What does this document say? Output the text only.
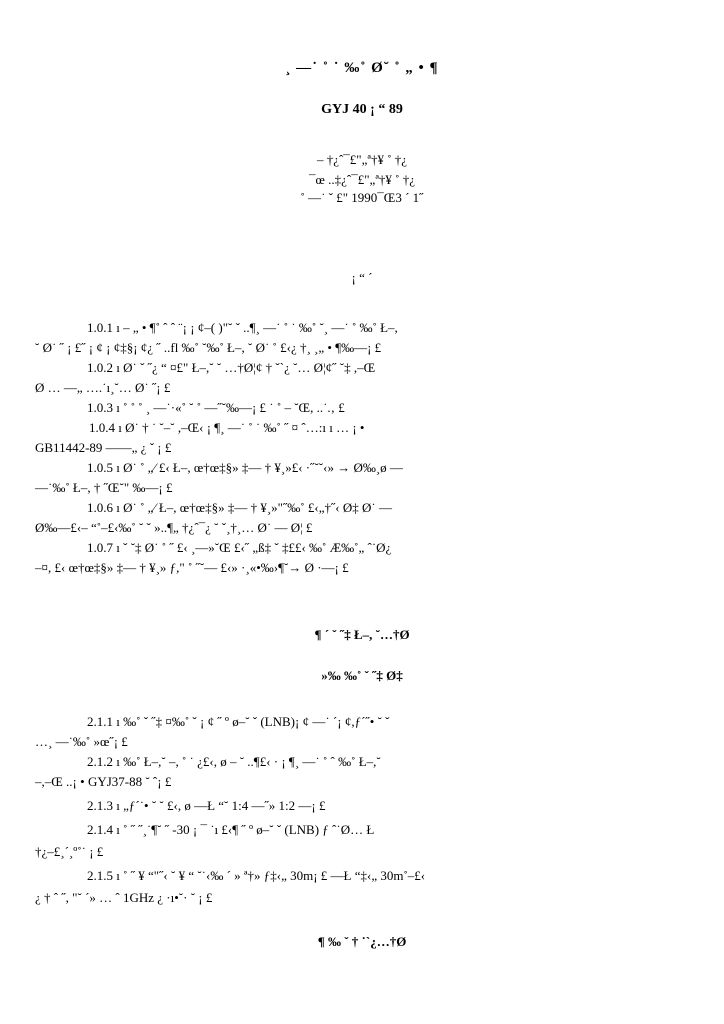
¸ —˙ ˚ ˙ ‰˚ Ø˘ ˚ „ • ¶
GYJ 40 ¡ “ 89
– †¿ˆ¯£"„ª†¥ ˚ †¿
¯œ ..‡¿ˆ¯£"„ª†¥ ˚ †¿
˚ —˙ ˇ £" 1990¯Œ3 ´ 1˝
¡ “ ´
1.0.1 ı – „ • ¶˚ ˆ ˆ ¨¡ ¡ ¢–( )"˘ ˇ ..¶¸ —˙ ˚ ˙ ‰˚ ˘¸ —˙ ˚ ‰˚ Ł–,
˘ Ø˙ ˝ ¡ £˝ ¡ ¢ ¡ ¢‡§¡ ¢¿ ˝ ..fl ‰˚ ˘‰˚ Ł–, ˘ Ø˙ ˚ £‹¿ †¸ ¸„ • ¶‰—¡ £
1.0.2 ı Ø˙ ˇ ˝¿ “ ¤£" Ł–,˘ ˘ …†Ø¦¢ † ˇ`¿ ˘… Ø¦¢˝ ˘‡ ,–Œ
Ø … —„ ….˙ı¸˘… Ø˙ ˝¡ £
1.0.3 ı ˚ ˚ ˚ ¸ —˙·«˚ ˘ ˚ —˝˘‰—¡ £ ˙ ˚ – ˘Œ, ..˙.‚ £
1.0.4 ı Ø˙ † ˙ ˘–˘ ,–Œ‹ ¡ ¶¸ —˙ ˚ ˙ ‰˚ ˝ ¤ ˆ…:ı ı … ¡ •
GB11442-89 ——„ ¿ ˇ ¡ £
1.0.5 ı Ø˙ ˚ „⁄ £‹ Ł–, œ†œ‡§» ‡— † ¥¸»£‹ ·˝˘˘‹» → Ø‰¸ø —
—˙‰˚ Ł–, † ˝Œ˘" ‰—¡ £
1.0.6 ı Ø˙ ˚ „⁄ Ł–, œ†œ‡§» ‡— † ¥¸»"˝‰˚ £‹„†˝‹ Ø‡ Ø˙ —
Ø‰—£‹– “˚–£‹‰˚ ˘ ˇ »..¶„ †¿ˆ¯¿ ˘ ˇ¸†¸… Ø˙ — Ø¦ £
1.0.7 ı ˇ ˘‡ Ø˙ ˚ ˝ £‹ ¸—»˘Œ £‹˝ „ß‡ ˇ ‡££‹ ‰˚ Æ‰˚„ ˆ˙Ø¿
–¤, £‹ œ†œ‡§» ‡— † ¥¸» ƒ," ˚ ˝˘— £‹» ·¸«•‰›¶˘→ Ø ·—¡ £
¶ ´ ˇ ˝‡ Ł–, ˘…†Ø
»‰ ‰˚ ˇ ˝‡ Ø‡
2.1.1 ı ‰˚ ˇ ˝‡ ¤‰˚ ˇ ¡ ¢ ˝ º ø–˘ ˇ (LNB)¡ ¢ —˙ ´¡ ¢,ƒ´˝• ˘ ˇ
…¸ —˙‰˚ »œ˝¡ £
2.1.2 ı ‰˚ Ł–,˘ –, ˚ ˙ ¿£‹, ø – ˘ ..¶£‹ · ¡ ¶¸ —˙ ˚ ˆ ‰˚ Ł–,˘
–,–Œ ..¡ • GYJ37-88 ˘ ˆ¡ £
2.1.3 ı „ƒ´˙• ˘ ˘ £‹, ø —Ł “˘ 1:4 —˝» 1:2 —¡ £
2.1.4 ı ˚ ˝ ˝¸˙¶˘ ˝ -30 ¡ ¯ ˙ı £‹¶ ˝ º ø–˘ ˇ (LNB) ƒ ˆ˙Ø… Ł
†¿–£¸´¸º˚˙ ¡ £
2.1.5 ı ˚ ˝ ¥ “"˝‹ ˘ ¥ “ ˘˙‹‰ ´ » ª†» ƒ‡‹„ 30m¡ £ —Ł “‡‹„ 30m˚–£‹
¿ † ˆ ˝, "˘ ´» … ˆ 1GHz ¿ ·ı•˘· ˘ ¡ £
¶ ‰ ˇ † ˙`¿…†Ø
